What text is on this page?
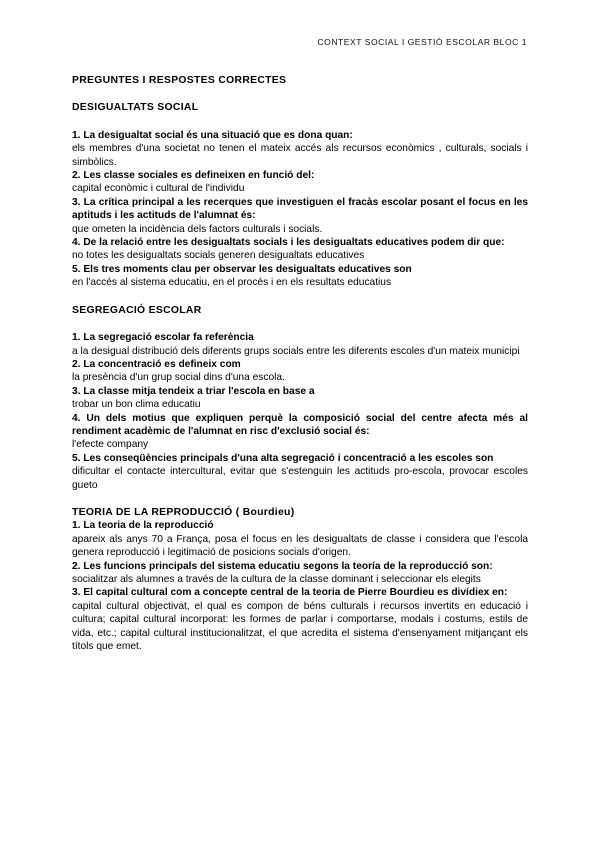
CONTEXT SOCIAL I GESTIÓ ESCOLAR BLOC 1

PREGUNTES I RESPOSTES CORRECTES

DESIGUALTATS SOCIAL

1. La desigualtat social és una situació que es dona quan:
els membres d'una societat no tenen el mateix accés als recursos econòmics , culturals, socials i simbòlics.
2. Les classe sociales es defineixen en funció del:
capital econòmic i cultural de l'individu
3. La crítica principal a les recerques que investiguen el fracàs escolar posant el focus en les aptituds i les actituds de l'alumnat és:
que ometen la incidència dels factors culturals i socials.
4. De la relació entre les desigualtats socials i les desigualtats educatives podem dir que:
no totes les desigualtats socials generen desigualtats educatives
5. Els tres moments clau per observar les desigualtats educatives son
en l'accés al sistema educatiu, en el procés i en els resultats educatius

SEGREGACIÓ ESCOLAR

1. La segregació escolar fa referència
a la desigual distribució dels diferents grups socials entre les diferents escoles d'un mateix municipi
2. La concentració es defineix com
la presència d'un grup social dins d'una escola.
3. La classe mitja tendeix a triar l'escola en base a
trobar un bon clima educatiu
4. Un dels motius que expliquen perquè la composició social del centre afecta més al rendiment acadèmic de l'alumnat en risc d'exclusió social és:
l'efecte company
5. Les conseqüències principals d'una alta segregació i concentració a les escoles son
dificultar el contacte intercultural, evitar que s'estenguin les actituds pro-escola, provocar escoles gueto

TEORIA DE LA REPRODUCCIÓ ( Bourdieu)

1. La teoria de la reproducció
apareix als anys 70 a França, posa el focus en les desigualtats de classe i considera que l'escola genera reproducció i legitimació de posicions socials d'origen.
2. Les funcions principals del sistema educatiu segons la teoría de la reproducció son:
socialitzar als alumnes a través de la cultura de la classe dominant i seleccionar els elegits
3. El capital cultural com a concepte central de la teoria de Pierre Bourdieu es divídiex en:
capital cultural objectivat, el qual es compon de béns culturals i recursos invertits en educació i cultura; capital cultural incorporat: les formes de parlar i comportarse, modals i costums, estils de vida, etc.; capital cultural institucionalitzat, el que acredita el sistema d'ensenyament mitjançant els títols que emet.
